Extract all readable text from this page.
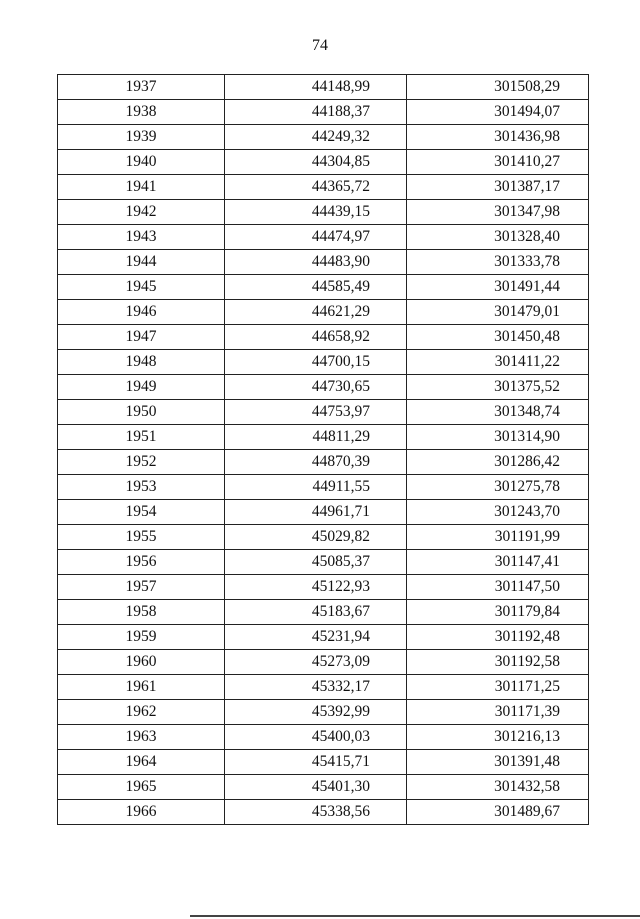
74
1937	44148,99	301508,29
1938	44188,37	301494,07
1939	44249,32	301436,98
1940	44304,85	301410,27
1941	44365,72	301387,17
1942	44439,15	301347,98
1943	44474,97	301328,40
1944	44483,90	301333,78
1945	44585,49	301491,44
1946	44621,29	301479,01
1947	44658,92	301450,48
1948	44700,15	301411,22
1949	44730,65	301375,52
1950	44753,97	301348,74
1951	44811,29	301314,90
1952	44870,39	301286,42
1953	44911,55	301275,78
1954	44961,71	301243,70
1955	45029,82	301191,99
1956	45085,37	301147,41
1957	45122,93	301147,50
1958	45183,67	301179,84
1959	45231,94	301192,48
1960	45273,09	301192,58
1961	45332,17	301171,25
1962	45392,99	301171,39
1963	45400,03	301216,13
1964	45415,71	301391,48
1965	45401,30	301432,58
1966	45338,56	301489,67
